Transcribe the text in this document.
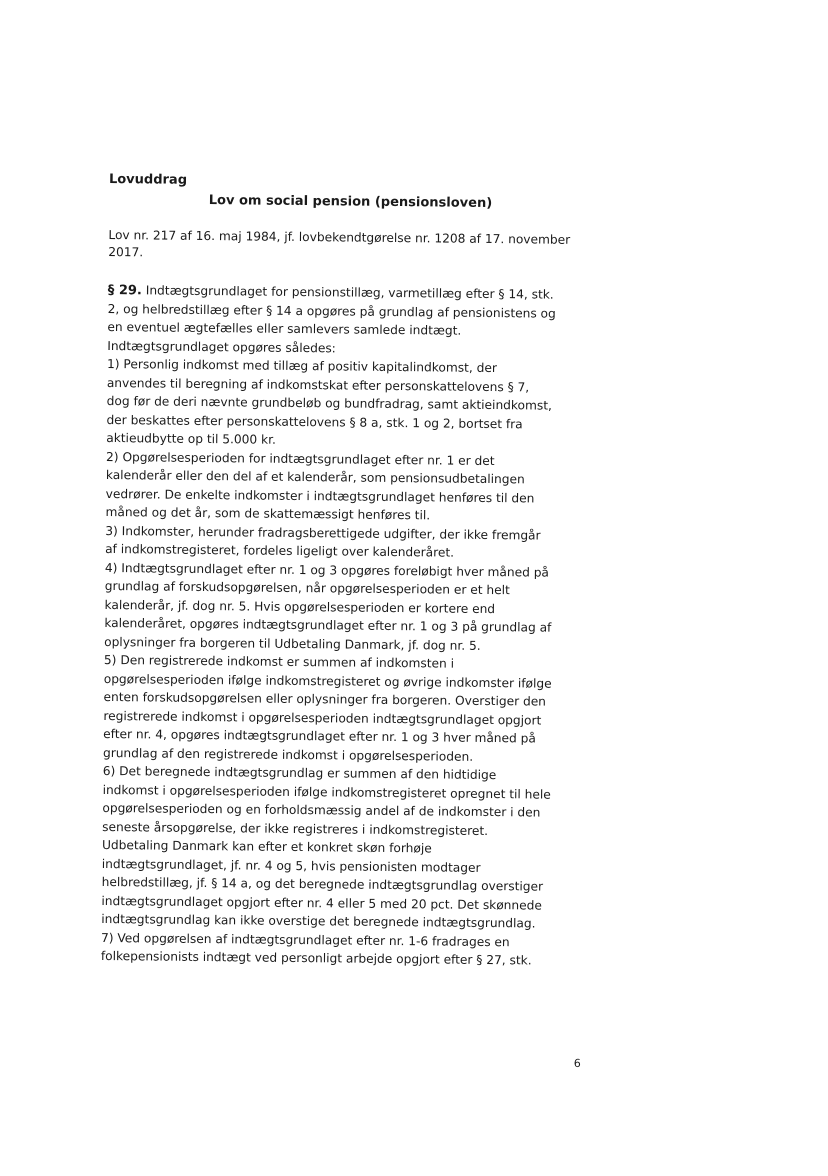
Lovuddrag

Lov om social pension (pensionsloven)

Lov nr. 217 af 16. maj 1984, jf. lovbekendtgørelse nr. 1208 af 17. november 2017.

§ 29. Indtægtsgrundlaget for pensionstillæg, varmetillæg efter § 14, stk.
2, og helbredstillæg efter § 14 a opgøres på grundlag af pensionistens og
en eventuel ægtefælles eller samlevers samlede indtægt.
Indtægtsgrundlaget opgøres således:
1) Personlig indkomst med tillæg af positiv kapitalindkomst, der
anvendes til beregning af indkomstskat efter personskattelovens § 7,
dog før de deri nævnte grundbeløb og bundfradrag, samt aktieindkomst,
der beskattes efter personskattelovens § 8 a, stk. 1 og 2, bortset fra
aktieudbytte op til 5.000 kr.
2) Opgørelsesperioden for indtægtsgrundlaget efter nr. 1 er det
kalenderår eller den del af et kalenderår, som pensionsudbetalingen
vedrører. De enkelte indkomster i indtægtsgrundlaget henføres til den
måned og det år, som de skattemæssigt henføres til.
3) Indkomster, herunder fradragsberettigede udgifter, der ikke fremgår
af indkomstregisteret, fordeles ligeligt over kalenderåret.
4) Indtægtsgrundlaget efter nr. 1 og 3 opgøres foreløbigt hver måned på
grundlag af forskudsopgørelsen, når opgørelsesperioden er et helt
kalenderår, jf. dog nr. 5. Hvis opgørelsesperioden er kortere end
kalenderåret, opgøres indtægtsgrundlaget efter nr. 1 og 3 på grundlag af
oplysninger fra borgeren til Udbetaling Danmark, jf. dog nr. 5.
5) Den registrerede indkomst er summen af indkomsten i
opgørelsesperioden ifølge indkomstregisteret og øvrige indkomster ifølge
enten forskudsopgørelsen eller oplysninger fra borgeren. Overstiger den
registrerede indkomst i opgørelsesperioden indtægtsgrundlaget opgjort
efter nr. 4, opgøres indtægtsgrundlaget efter nr. 1 og 3 hver måned på
grundlag af den registrerede indkomst i opgørelsesperioden.
6) Det beregnede indtægtsgrundlag er summen af den hidtidige
indkomst i opgørelsesperioden ifølge indkomstregisteret opregnet til hele
opgørelsesperioden og en forholdsmæssig andel af de indkomster i den
seneste årsopgørelse, der ikke registreres i indkomstregisteret.
Udbetaling Danmark kan efter et konkret skøn forhøje
indtægtsgrundlaget, jf. nr. 4 og 5, hvis pensionisten modtager
helbredstillæg, jf. § 14 a, og det beregnede indtægtsgrundlag overstiger
indtægtsgrundlaget opgjort efter nr. 4 eller 5 med 20 pct. Det skønnede
indtægtsgrundlag kan ikke overstige det beregnede indtægtsgrundlag.
7) Ved opgørelsen af indtægtsgrundlaget efter nr. 1-6 fradrages en
folkepensionists indtægt ved personligt arbejde opgjort efter § 27, stk.

6
